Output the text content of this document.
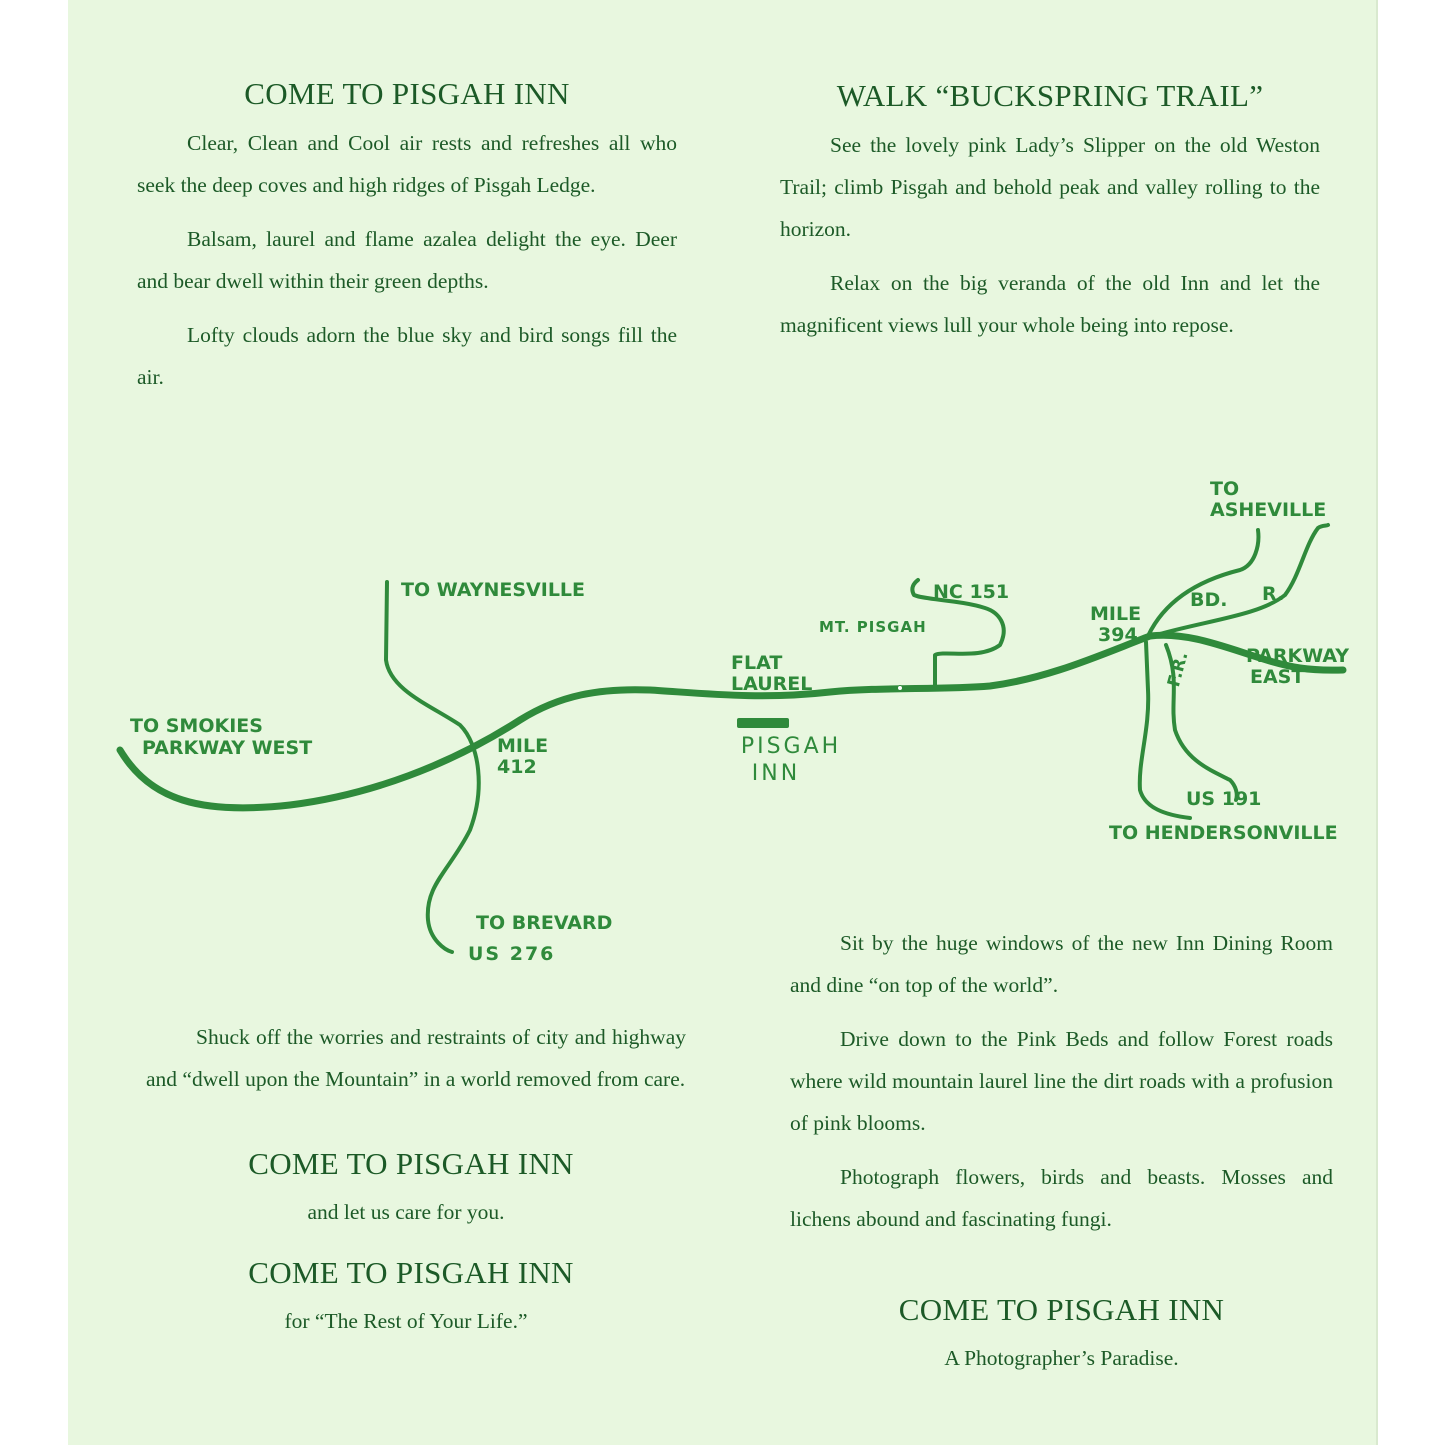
COME TO PISGAH INN

Clear, Clean and Cool air rests and refreshes all who seek the deep coves and high ridges of Pisgah Ledge.

Balsam, laurel and flame azalea delight the eye. Deer and bear dwell within their green depths.

Lofty clouds adorn the blue sky and bird songs fill the air.

WALK “BUCKSPRING TRAIL”

See the lovely pink Lady’s Slipper on the old Weston Trail; climb Pisgah and behold peak and valley rolling to the horizon.

Relax on the big veranda of the old Inn and let the magnificent views lull your whole being into repose.

TO WAYNESVILLE
TO SMOKIES
PARKWAY WEST	MILE
412
TO BREVARD
US 276
FLAT
LAUREL
PISGAH
INN
MT. PISGAH
NC 151
MILE
394
TO
ASHEVILLE
BD. R.
PARKWAY
EAST
F.R.
US 191
TO HENDERSONVILLE

Shuck off the worries and restraints of city and highway and “dwell upon the Mountain” in a world removed from care.

COME TO PISGAH INN
and let us care for you.
COME TO PISGAH INN
for “The Rest of Your Life.”

Sit by the huge windows of the new Inn Dining Room and dine “on top of the world”.

Drive down to the Pink Beds and follow Forest roads where wild mountain laurel line the dirt roads with a profusion of pink blooms.

Photograph flowers, birds and beasts. Mosses and lichens abound and fascinating fungi.

COME TO PISGAH INN
A Photographer’s Paradise.
